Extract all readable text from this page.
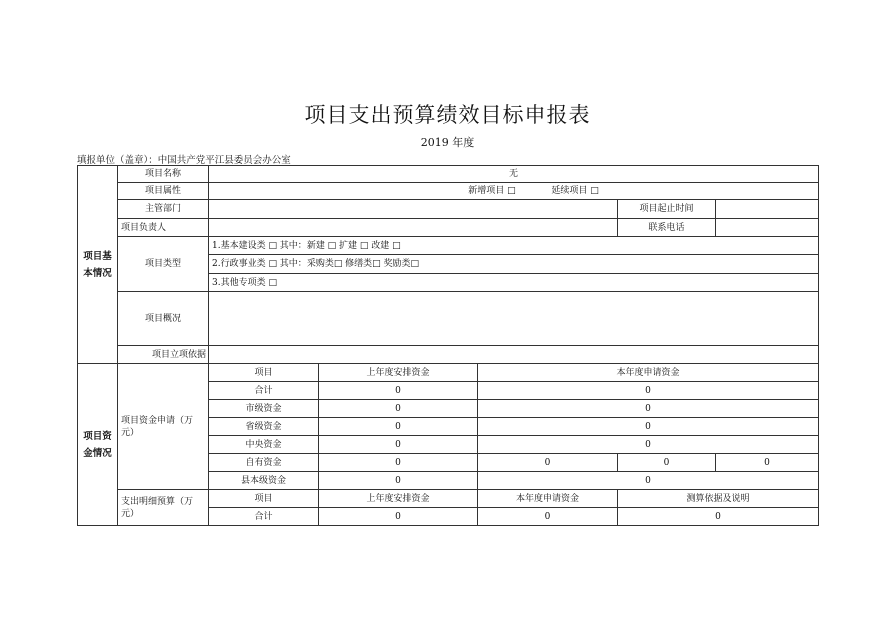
项目支出预算绩效目标申报表
2019 年度
填报单位（盖章）：中国共产党平江县委员会办公室
项目基本情况	项目名称	无		
	项目属性	新增项目 □ 延续项目 □		
	主管部门		项目起止时间	
	项目负责人		联系电话	
	项目类型	1.基本建设类 □ 其中：新建 □ 扩建 □ 改建 □		
		2.行政事业类 □ 其中：采购类□ 修缮类□ 奖励类□		
		3.其他专项类 □		
	项目概况			
	项目立项依据			
项目资金情况	项目资金申请（万元）	项目	上年度安排资金	本年度申请资金		
		合计	0	0		
		市级资金	0	0		
		省级资金	0	0		
		中央资金	0	0		
		自有资金	0	0	0	0
		县本级资金	0	0		
	支出明细预算（万元）	项目	上年度安排资金	本年度申请资金	测算依据及说明	
		合计	0	0	0	
